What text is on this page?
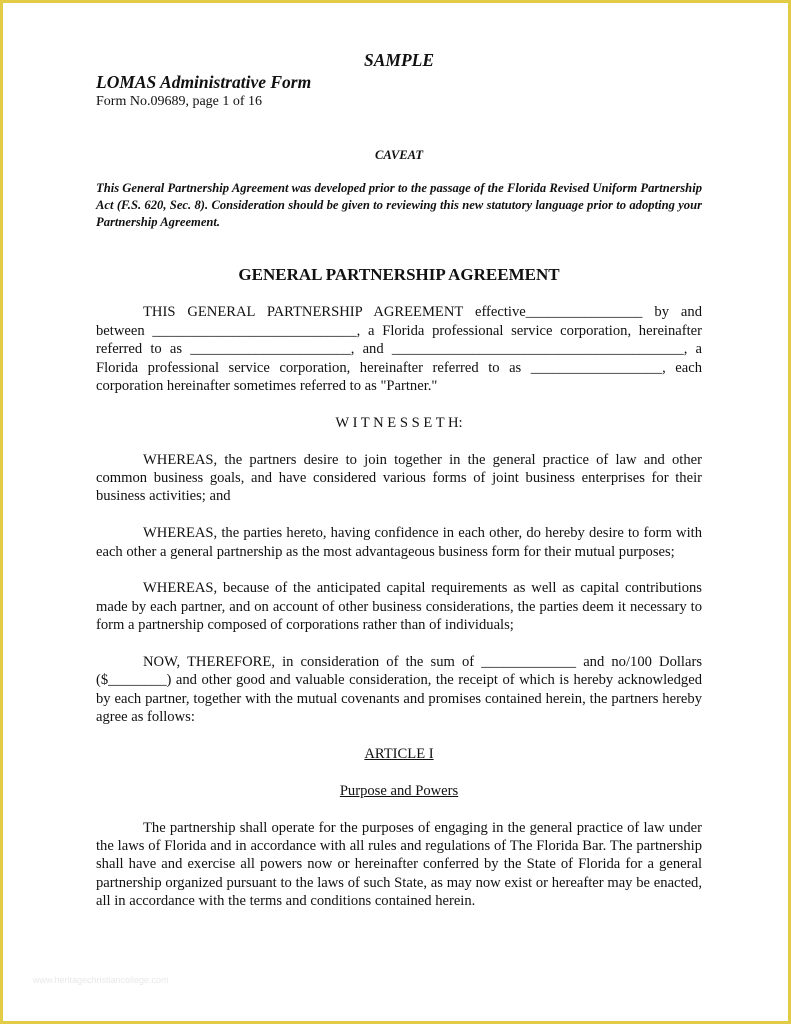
SAMPLE

LOMAS Administrative Form

Form No.09689, page 1 of 16

CAVEAT

This General Partnership Agreement was developed prior to the passage of the Florida Revised Uniform Partnership Act (F.S. 620, Sec. 8). Consideration should be given to reviewing this new statutory language prior to adopting your Partnership Agreement.

GENERAL PARTNERSHIP AGREEMENT

THIS GENERAL PARTNERSHIP AGREEMENT effective________________ by and between ____________________________, a Florida professional service corporation, hereinafter referred to as ______________________, and ________________________________________, a Florida professional service corporation, hereinafter referred to as __________________, each corporation hereinafter sometimes referred to as "Partner."

W I T N E S S E T H:

WHEREAS, the partners desire to join together in the general practice of law and other common business goals, and have considered various forms of joint business enterprises for their business activities; and

WHEREAS, the parties hereto, having confidence in each other, do hereby desire to form with each other a general partnership as the most advantageous business form for their mutual purposes;

WHEREAS, because of the anticipated capital requirements as well as capital contributions made by each partner, and on account of other business considerations, the parties deem it necessary to form a partnership composed of corporations rather than of individuals;

NOW, THEREFORE, in consideration of the sum of _____________ and no/100 Dollars ($________) and other good and valuable consideration, the receipt of which is hereby acknowledged by each partner, together with the mutual covenants and promises contained herein, the partners hereby agree as follows:

ARTICLE I

Purpose and Powers

The partnership shall operate for the purposes of engaging in the general practice of law under the laws of Florida and in accordance with all rules and regulations of The Florida Bar. The partnership shall have and exercise all powers now or hereinafter conferred by the State of Florida for a general partnership organized pursuant to the laws of such State, as may now exist or hereafter may be enacted, all in accordance with the terms and conditions contained herein.

www.heritagechristiancollege.com
